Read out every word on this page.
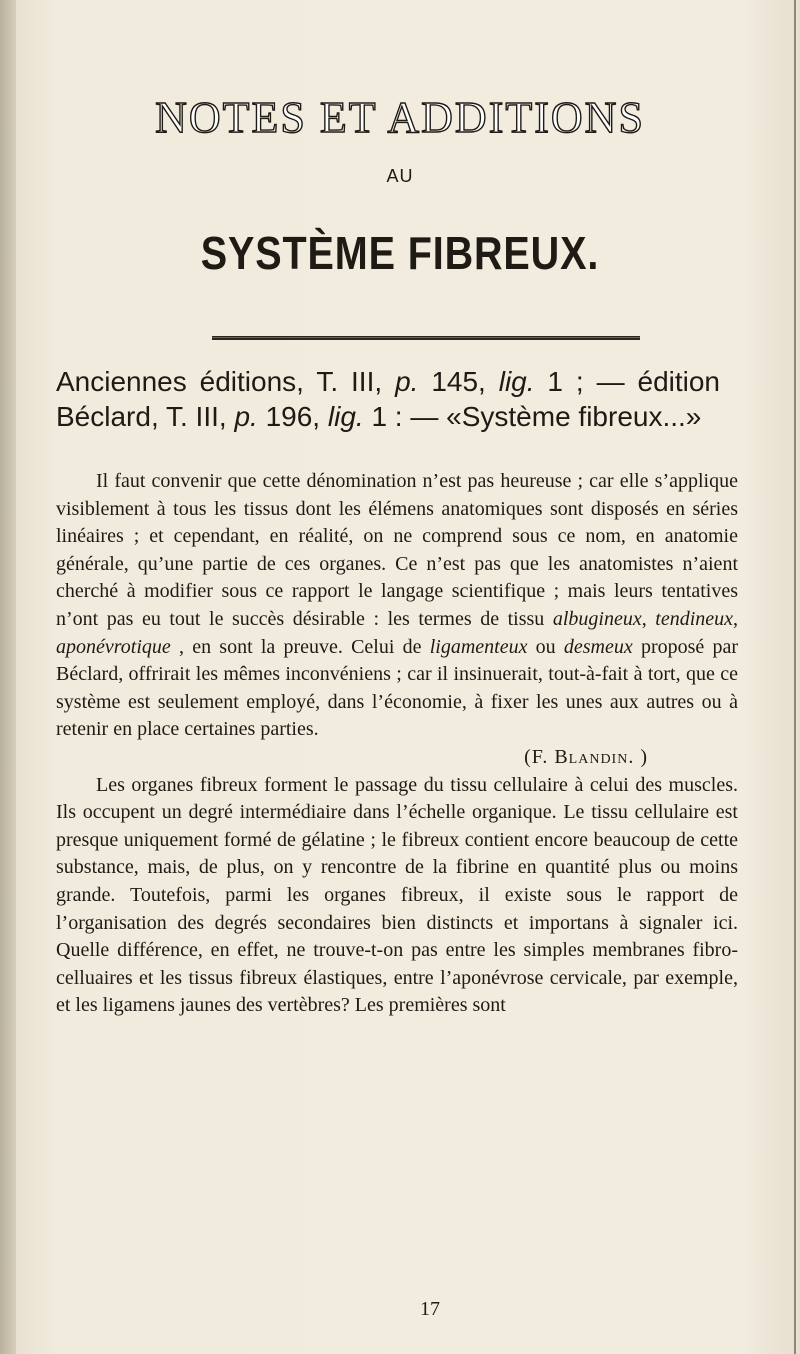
NOTES ET ADDITIONS
AU
SYSTÈME FIBREUX.

Anciennes éditions, T. III, p. 145, lig. 1 ; — édition Béclard, T. III, p. 196, lig. 1 : — «Système fibreux...»

Il faut convenir que cette dénomination n’est pas heureuse ; car elle s’applique visiblement à tous les tissus dont les élémens anatomiques sont disposés en séries linéaires ; et cependant, en réalité, on ne comprend sous ce nom, en anatomie générale, qu’une partie de ces organes. Ce n’est pas que les anatomistes n’aient cherché à modifier sous ce rapport le langage scientifique ; mais leurs tentatives n’ont pas eu tout le succès désirable : les termes de tissu albugineux, tendineux, aponévrotique , en sont la preuve. Celui de ligamenteux ou desmeux proposé par Béclard, offrirait les mêmes inconvéniens ; car il insinuerait, tout-à-fait à tort, que ce système est seulement employé, dans l’économie, à fixer les unes aux autres ou à retenir en place certaines parties.

(F. Blandin. )

Les organes fibreux forment le passage du tissu cellulaire à celui des muscles. Ils occupent un degré intermédiaire dans l’échelle organique. Le tissu cellulaire est presque uniquement formé de gélatine ; le fibreux contient encore beaucoup de cette substance, mais, de plus, on y rencontre de la fibrine en quantité plus ou moins grande. Toutefois, parmi les organes fibreux, il existe sous le rapport de l’organisation des degrés secondaires bien distincts et importans à signaler ici. Quelle différence, en effet, ne trouve-t-on pas entre les simples membranes fibro-celluaires et les tissus fibreux élastiques, entre l’aponévrose cervicale, par exemple, et les ligamens jaunes des vertèbres? Les premières sont

17
